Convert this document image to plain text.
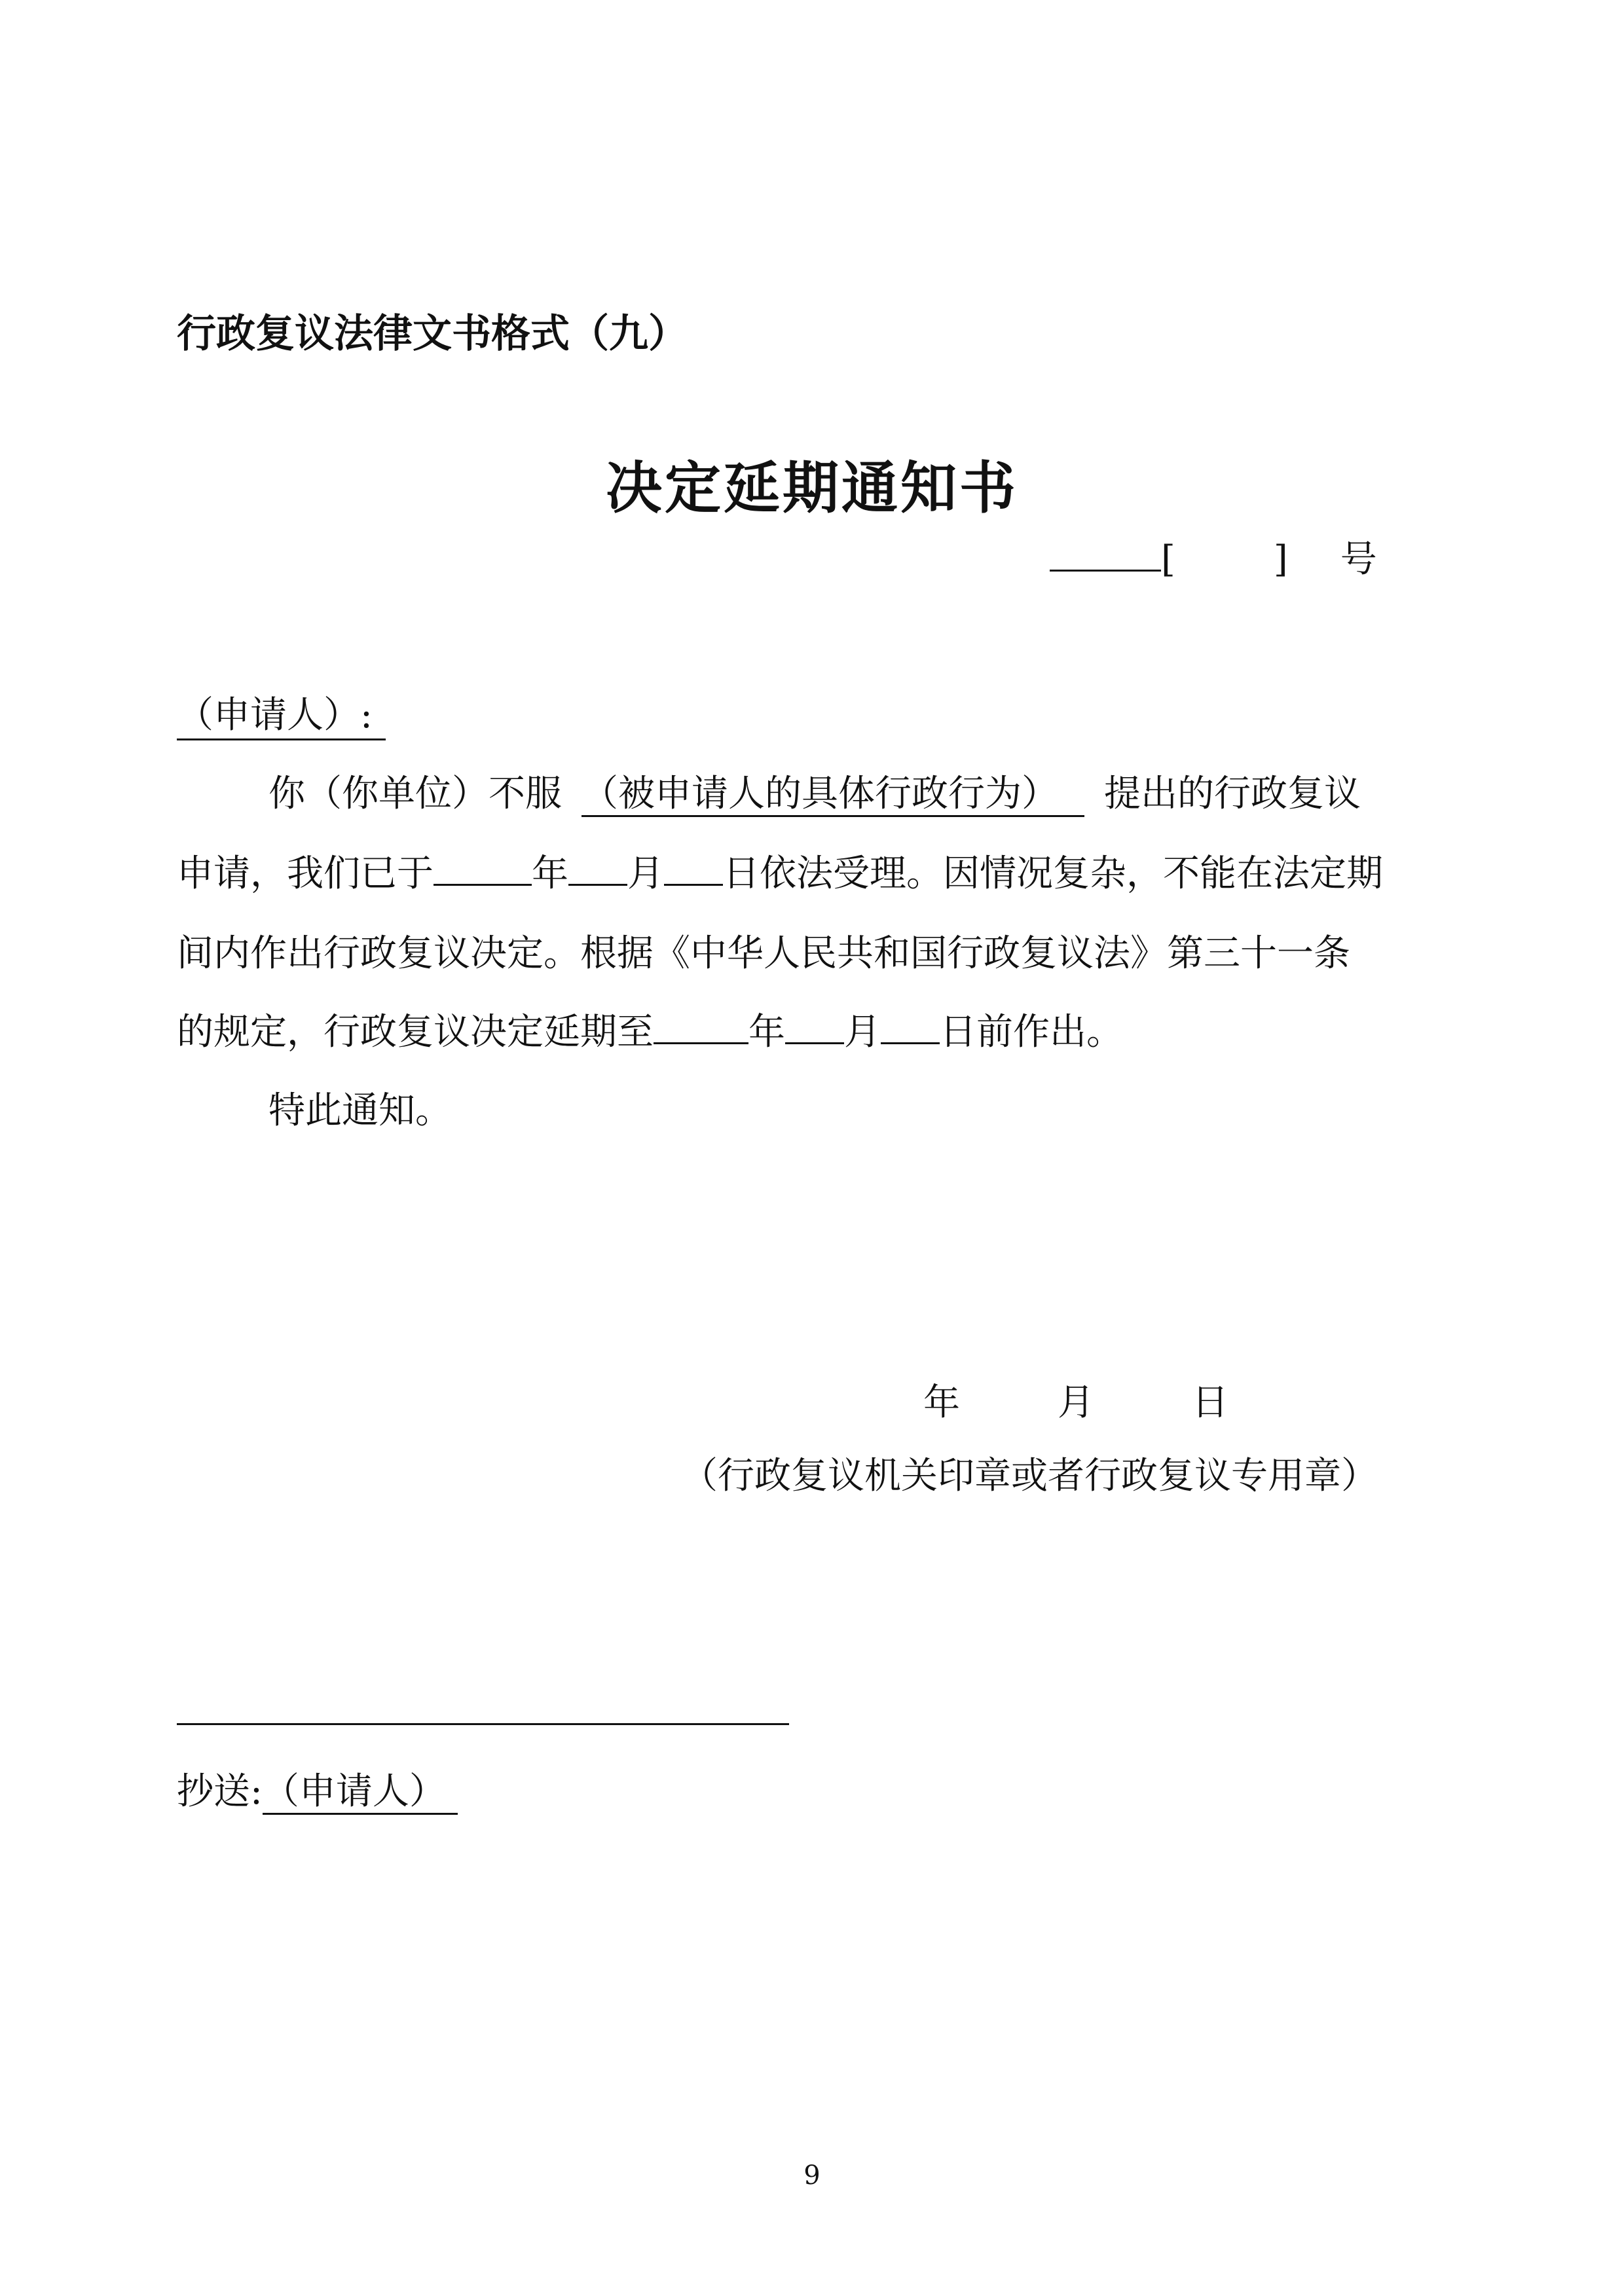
行政复议法律文书格式（九）
决定延期通知书
[	] 号
（申请人）:
你（你单位）不服 （被申请人的具体行政行为） 提出的行政复议
申请，我们已于	年 月 日依法受理。因情况复杂，不能在法定期
间内作出行政复议决定。根据《中华人民共和国行政复议法》第三十一条
的规定，行政复议决定延期至	年 月 日前作出。
特此通知。
年	月	日
（行政复议机关印章或者行政复议专用章）
抄送:（申请人）
9
